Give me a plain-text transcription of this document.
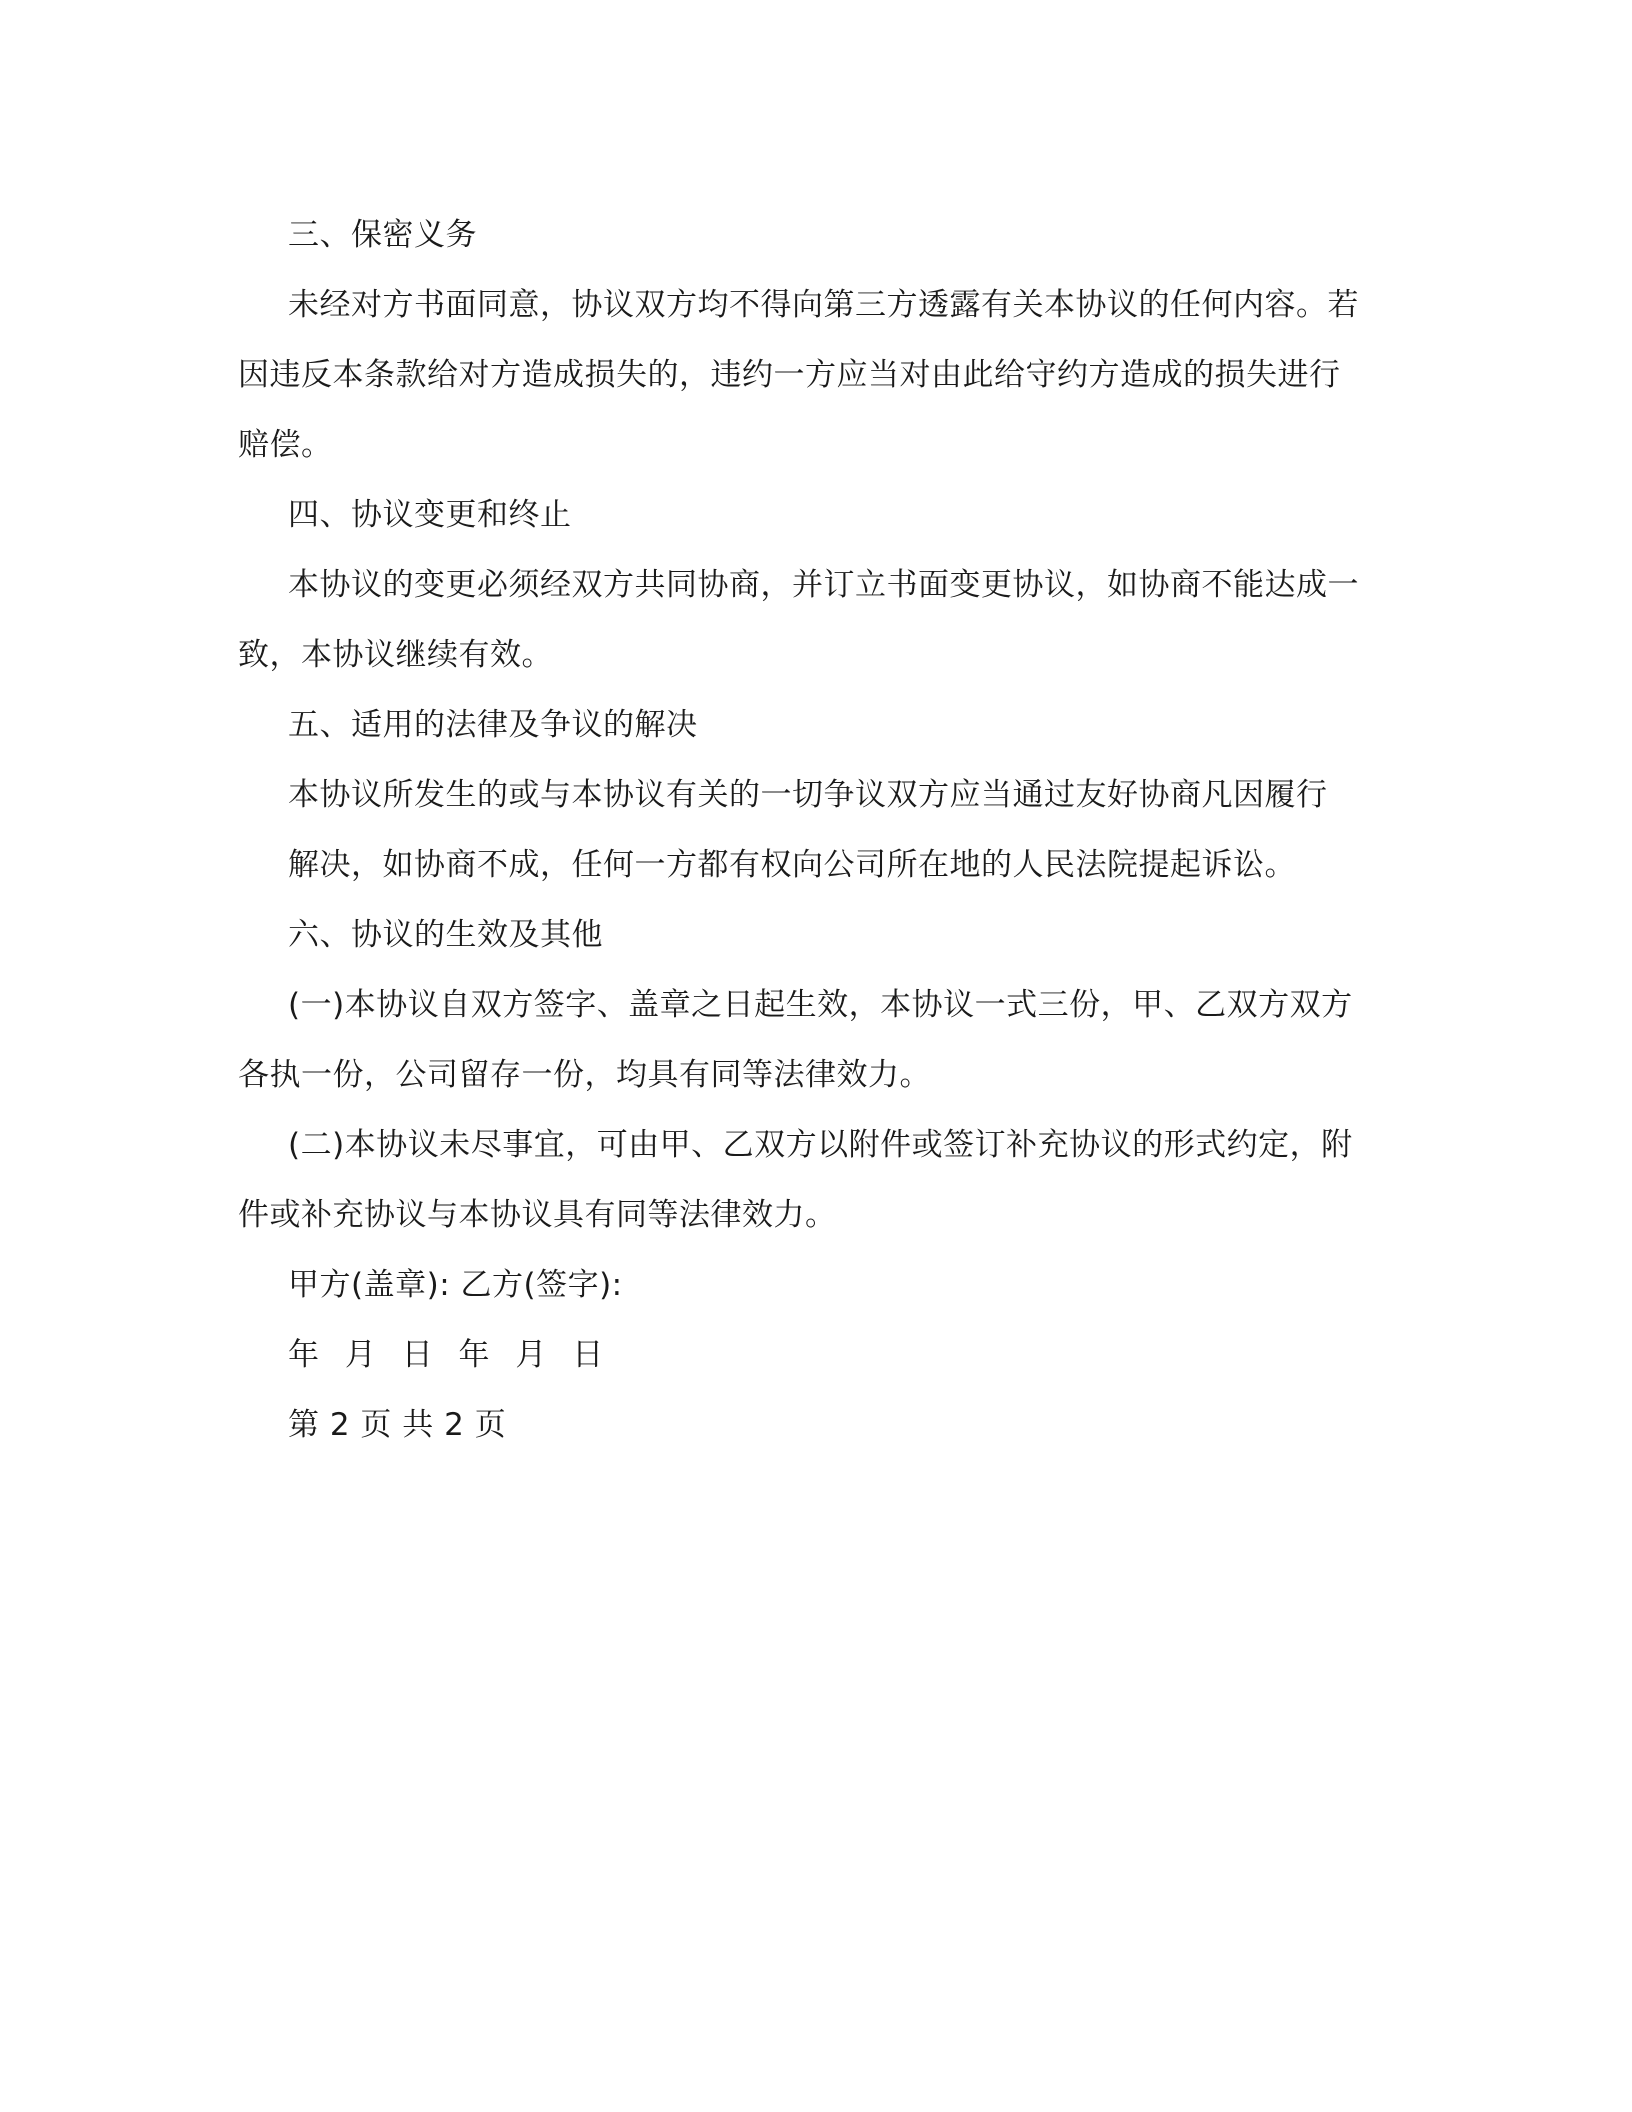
三、保密义务
未经对方书面同意，协议双方均不得向第三方透露有关本协议的任何内容。若
因违反本条款给对方造成损失的，违约一方应当对由此给守约方造成的损失进行
赔偿。
四、协议变更和终止
本协议的变更必须经双方共同协商，并订立书面变更协议，如协商不能达成一
致，本协议继续有效。
五、适用的法律及争议的解决
本协议所发生的或与本协议有关的一切争议双方应当通过友好协商凡因履行
解决，如协商不成，任何一方都有权向公司所在地的人民法院提起诉讼。
六、协议的生效及其他
(一)本协议自双方签字、盖章之日起生效，本协议一式三份，甲、乙双方双方
各执一份，公司留存一份，均具有同等法律效力。
(二)本协议未尽事宜，可由甲、乙双方以附件或签订补充协议的形式约定，附
件或补充协议与本协议具有同等法律效力。
甲方(盖章): 乙方(签字):
年 月 日 年 月 日
第 2 页 共 2 页
